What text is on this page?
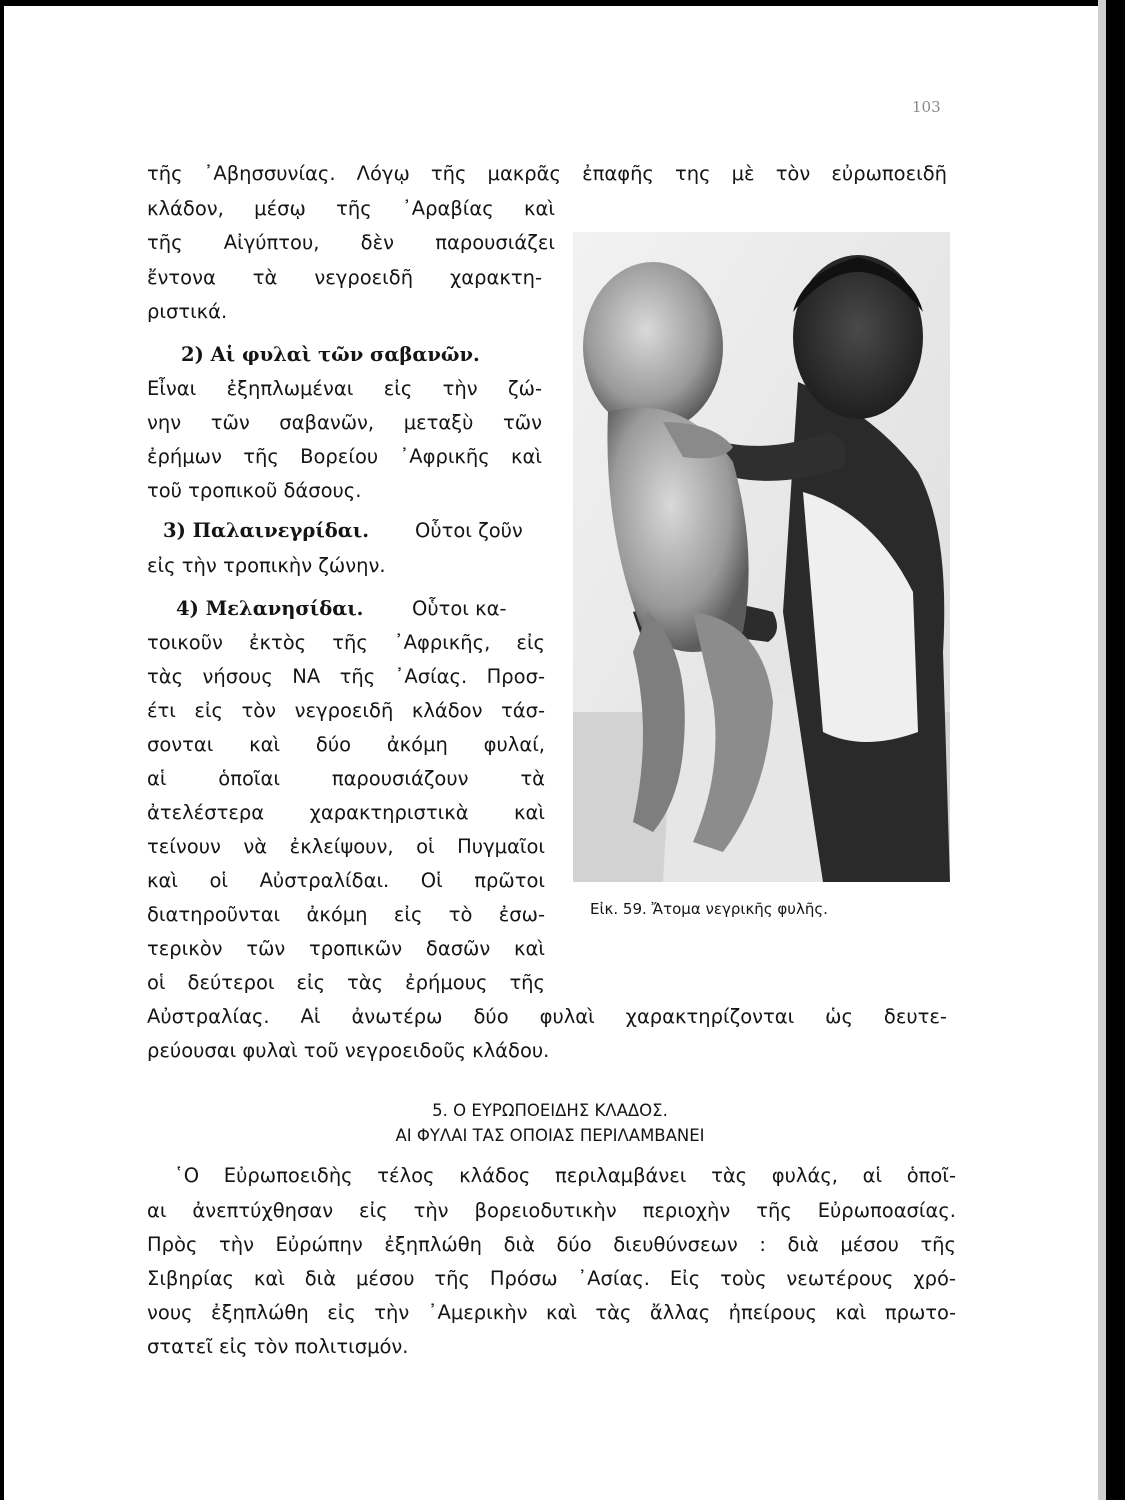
103
τῆς ᾿Αβησσυνίας. Λόγῳ τῆς μακρᾶς ἐπαφῆς της μὲ τὸν εὐρωποειδῆ
κλάδον, μέσῳ τῆς ᾿Αραβίας καὶ
τῆς Αἰγύπτου, δὲν παρουσιάζει
ἔντονα τὰ νεγροειδῆ χαρακτη-
ριστικά.
2) Αἱ φυλαὶ τῶν σαβανῶν.
Εἶναι ἐξηπλωμέναι εἰς τὴν ζώ-
νην τῶν σαβανῶν, μεταξὺ τῶν
ἐρήμων τῆς Βορείου ᾿Αφρικῆς καὶ
τοῦ τροπικοῦ δάσους.
3) Παλαινεγρίδαι. Οὗτοι ζοῦν
εἰς τὴν τροπικὴν ζώνην.
4) Μελανησίδαι. Οὗτοι κα-
τοικοῦν ἐκτὸς τῆς ᾿Αφρικῆς, εἰς
τὰς νήσους ΝΑ τῆς ᾿Ασίας. Προσ-
έτι εἰς τὸν νεγροειδῆ κλάδον τάσ-
σονται καὶ δύο ἀκόμη φυλαί,
αἱ ὁποῖαι παρουσιάζουν τὰ
ἀτελέστερα χαρακτηριστικὰ καὶ
τείνουν νὰ ἐκλείψουν, οἱ Πυγμαῖοι
καὶ οἱ Αὐστραλίδαι. Οἱ πρῶτοι
διατηροῦνται ἀκόμη εἰς τὸ ἐσω-
τερικὸν τῶν τροπικῶν δασῶν καὶ
οἱ δεύτεροι εἰς τὰς ἐρήμους τῆς
Αὐστραλίας. Αἱ ἀνωτέρω δύο φυλαὶ χαρακτηρίζονται ὡς δευτε-
ρεύουσαι φυλαὶ τοῦ νεγροειδοῦς κλάδου.
Εἰκ. 59. Ἄτομα νεγρικῆς φυλῆς.
5. Ο ΕΥΡΩΠΟΕΙΔΗΣ ΚΛΑΔΟΣ.
ΑΙ ΦΥΛΑΙ ΤΑΣ ΟΠΟΙΑΣ ΠΕΡΙΛΑΜΒΑΝΕΙ
῾Ο Εὐρωποειδὴς τέλος κλάδος περιλαμβάνει τὰς φυλάς, αἱ ὁποῖ-
αι ἀνεπτύχθησαν εἰς τὴν βορειοδυτικὴν περιοχὴν τῆς Εὐρωποασίας.
Πρὸς τὴν Εὐρώπην ἐξηπλώθη διὰ δύο διευθύνσεων : διὰ μέσου τῆς
Σιβηρίας καὶ διὰ μέσου τῆς Πρόσω ᾿Ασίας. Εἰς τοὺς νεωτέρους χρό-
νους ἐξηπλώθη εἰς τὴν ᾿Αμερικὴν καὶ τὰς ἄλλας ἠπείρους καὶ πρωτο-
στατεῖ εἰς τὸν πολιτισμόν.
